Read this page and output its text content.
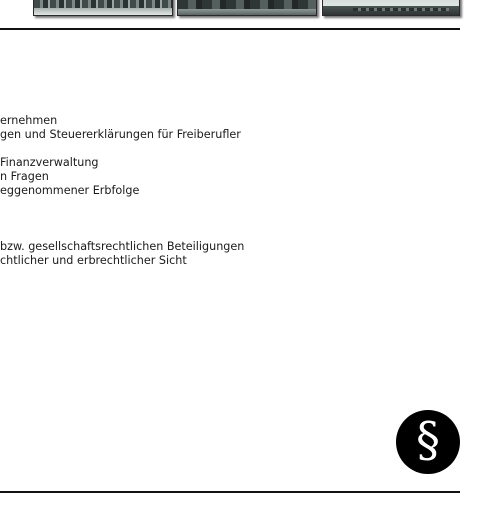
ernehmen
gen und Steuererklärungen für Freiberufler
Finanzverwaltung
n Fragen
eggenommener Erbfolge
bzw. gesellschaftsrechtlichen Beteiligungen
chtlicher und erbrechtlicher Sicht
§
